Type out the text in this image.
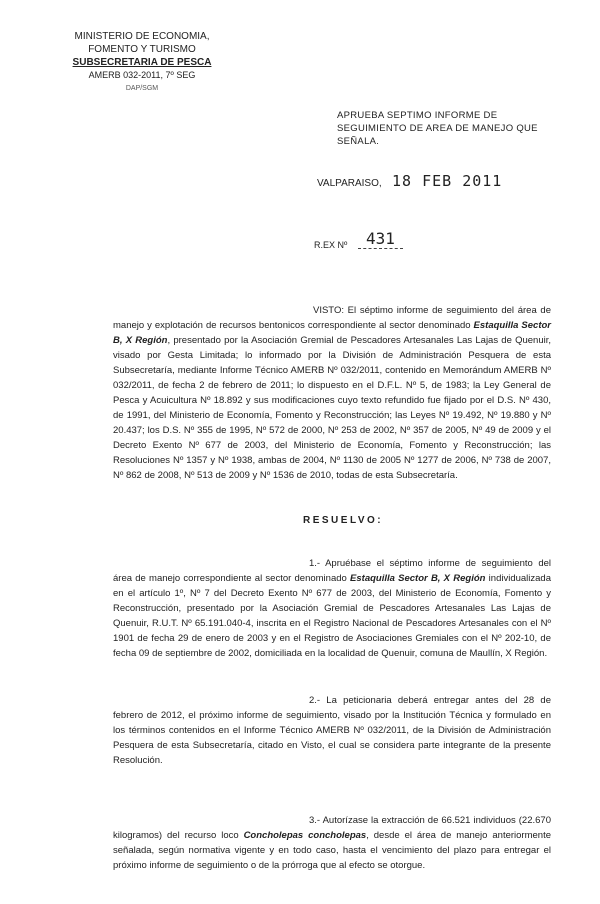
MINISTERIO DE ECONOMIA,
FOMENTO Y TURISMO
SUBSECRETARIA DE PESCA
AMERB 032-2011, 7º SEG
DAP/SGM
APRUEBA SEPTIMO INFORME DE SEGUIMIENTO DE AREA DE MANEJO QUE SEÑALA.
VALPARAISO, 18 FEB 2011
R.EX Nº	431
VISTO: El séptimo informe de seguimiento del área de manejo y explotación de recursos bentonicos correspondiente al sector denominado Estaquilla Sector B, X Región, presentado por la Asociación Gremial de Pescadores Artesanales Las Lajas de Quenuir, visado por Gesta Limitada; lo informado por la División de Administración Pesquera de esta Subsecretaría, mediante Informe Técnico AMERB Nº 032/2011, contenido en Memorándum AMERB Nº 032/2011, de fecha 2 de febrero de 2011; lo dispuesto en el D.F.L. Nº 5, de 1983; la Ley General de Pesca y Acuicultura Nº 18.892 y sus modificaciones cuyo texto refundido fue fijado por el D.S. Nº 430, de 1991, del Ministerio de Economía, Fomento y Reconstrucción; las Leyes Nº 19.492, Nº 19.880 y Nº 20.437; los D.S. Nº 355 de 1995, Nº 572 de 2000, Nº 253 de 2002, Nº 357 de 2005, Nº 49 de 2009 y el Decreto Exento Nº 677 de 2003, del Ministerio de Economía, Fomento y Reconstrucción; las Resoluciones Nº 1357 y Nº 1938, ambas de 2004, Nº 1130 de 2005 Nº 1277 de 2006, Nº 738 de 2007, Nº 862 de 2008, Nº 513 de 2009 y Nº 1536 de 2010, todas de esta Subsecretaría.
RESUELVO:
1.- Apruébase el séptimo informe de seguimiento del área de manejo correspondiente al sector denominado Estaquilla Sector B, X Región individualizada en el artículo 1º, Nº 7 del Decreto Exento Nº 677 de 2003, del Ministerio de Economía, Fomento y Reconstrucción, presentado por la Asociación Gremial de Pescadores Artesanales Las Lajas de Quenuir, R.U.T. Nº 65.191.040-4, inscrita en el Registro Nacional de Pescadores Artesanales con el Nº 1901 de fecha 29 de enero de 2003 y en el Registro de Asociaciones Gremiales con el Nº 202-10, de fecha 09 de septiembre de 2002, domiciliada en la localidad de Quenuir, comuna de Maullín, X Región.
2.- La peticionaria deberá entregar antes del 28 de febrero de 2012, el próximo informe de seguimiento, visado por la Institución Técnica y formulado en los términos contenidos en el Informe Técnico AMERB Nº 032/2011, de la División de Administración Pesquera de esta Subsecretaría, citado en Visto, el cual se considera parte integrante de la presente Resolución.
3.- Autorízase la extracción de 66.521 individuos (22.670 kilogramos) del recurso loco Concholepas concholepas, desde el área de manejo anteriormente señalada, según normativa vigente y en todo caso, hasta el vencimiento del plazo para entregar el próximo informe de seguimiento o de la prórroga que al efecto se otorgue.
